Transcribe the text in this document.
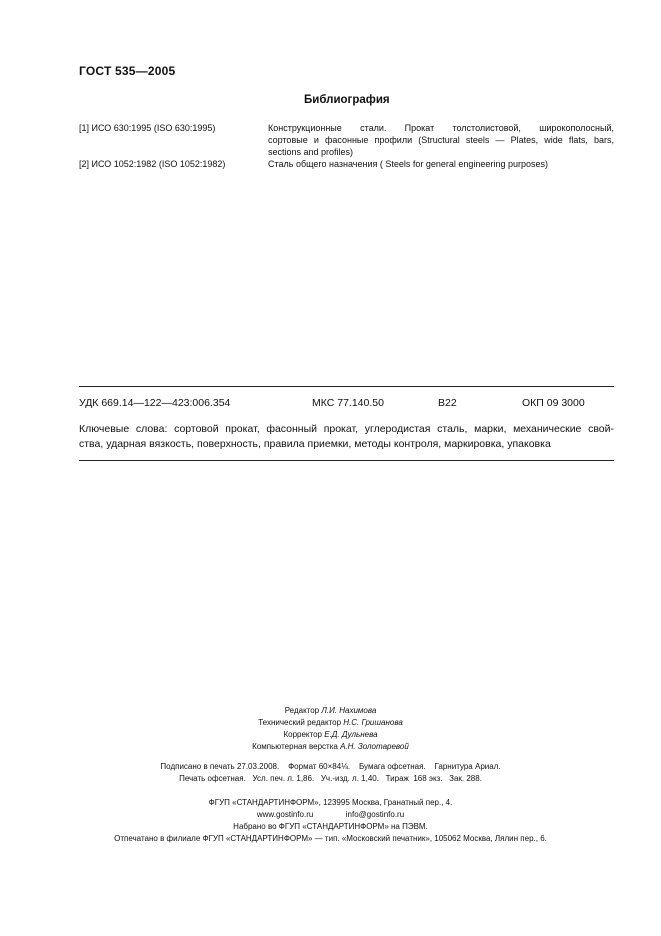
ГОСТ 535—2005
Библиография
[1] ИСО 630:1995 (ISO 630:1995)	Конструкционные стали. Прокат толстолистовой, широкополосный,
сортовые и фасонные профили (Structural steels — Plates, wide flats, bars,
sections and profiles)
[2] ИСО 1052:1982 (ISO 1052:1982)	Сталь общего назначения ( Steels for general engineering purposes)
УДК 669.14—122—423:006.354	МКС 77.140.50	В22	ОКП 09 3000
Ключевые слова: сортовой прокат, фасонный прокат, углеродистая сталь, марки, механические свой-
ства, ударная вязкость, поверхность, правила приемки, методы контроля, маркировка, упаковка
Редактор Л.И. Нахимова
Технический редактор Н.С. Гришанова
Корректор Е.Д. Дульнева
Компьютерная верстка А.Н. Золотаревой
Подписано в печать 27.03.2008.    Формат 60×84⅛.    Бумага офсетная.    Гарнитура Ариал.
Печать офсетная.   Усл. печ. л. 1,86.   Уч.-изд. л. 1,40.   Тираж  168 экз.   Зак. 288.
ФГУП «СТАНДАРТИНФОРМ», 123995 Москва, Гранатный пер., 4.
www.gostinfo.ru	info@gostinfo.ru
Набрано во ФГУП «СТАНДАРТИНФОРМ» на ПЭВМ.
Отпечатано в филиале ФГУП «СТАНДАРТИНФОРМ» — тип. «Московский печатник», 105062 Москва, Лялин пер., 6.
